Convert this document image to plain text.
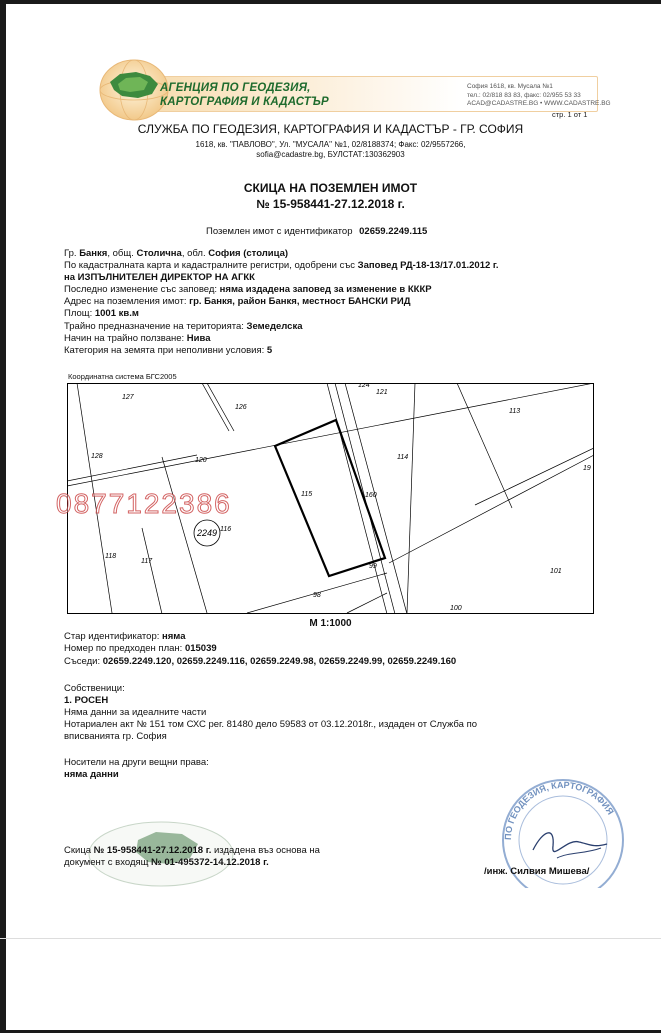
АГЕНЦИЯ ПО ГЕОДЕЗИЯ,
КАРТОГРАФИЯ И КАДАСТЪР
София 1618, кв. Мусала №1
тел.: 02/818 83 83, факс: 02/955 53 33
ACAD@CADASTRE.BG • WWW.CADASTRE.BG
стр. 1 от 1
СЛУЖБА ПО ГЕОДЕЗИЯ, КАРТОГРАФИЯ И КАДАСТЪР - ГР. СОФИЯ
1618, кв. "ПАВЛОВО", Ул. "МУСАЛА" №1, 02/8188374; Факс: 02/9557266,
sofia@cadastre.bg, БУЛСТАТ:130362903
СКИЦА НА ПОЗЕМЛЕН ИМОТ
№ 15-958441-27.12.2018 г.
Поземлен имот с идентификатор 02659.2249.115
Гр. Банкя, общ. Столична, обл. София (столица)
По кадастралната карта и кадастралните регистри, одобрени със Заповед РД-18-13/17.01.2012 г.
на ИЗПЪЛНИТЕЛЕН ДИРЕКТОР НА АГКК
Последно изменение със заповед: няма издадена заповед за изменение в КККР
Адрес на поземления имот: гр. Банкя, район Банкя, местност БАНСКИ РИД
Площ: 1001 кв.м
Трайно предназначение на територията: Земеделска
Начин на трайно ползване: Нива
Категория на земята при неполивни условия: 5
Координатна система БГС2005
2249
127
126
124
121
113
128
120	114
19
115	160
116
118
117
99
101
98
100
0877122386
М 1:1000
Стар идентификатор: няма
Номер по предходен план: 015039
Съседи: 02659.2249.120, 02659.2249.116, 02659.2249.98, 02659.2249.99, 02659.2249.160
Собственици:
1. РОСЕН
Няма данни за идеалните части
Нотариален акт № 151 том СХС рег. 81480 дело 59583 от 03.12.2018г., издаден от Служба по
вписванията гр. София
Носители на други вещни права:
няма данни
ПО ГЕОДЕЗИЯ, КАРТОГРАФИЯ
Скица № 15-958441-27.12.2018 г. издадена въз основа на
документ с входящ № 01-495372-14.12.2018 г.
/инж. Силвия Мишева/
